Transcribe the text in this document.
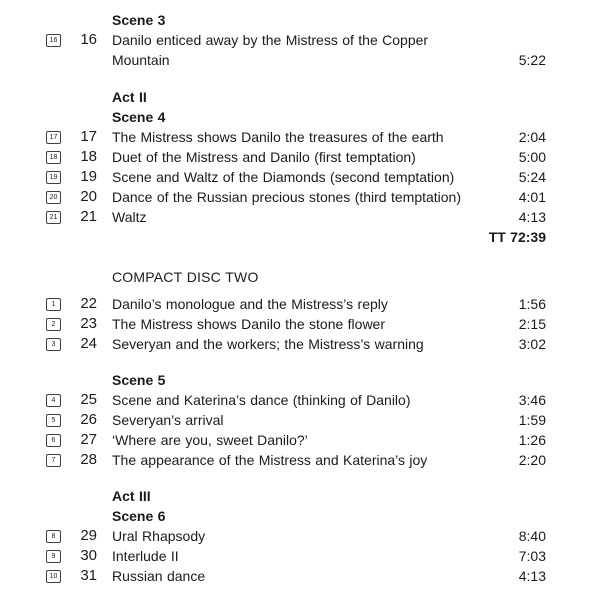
Scene 3
16	16 Danilo enticed away by the Mistress of the Copper
Mountain	5:22
Act II
Scene 4
17	17 The Mistress shows Danilo the treasures of the earth	2:04
18	18 Duet of the Mistress and Danilo (first temptation)	5:00
19	19 Scene and Waltz of the Diamonds (second temptation)	5:24
20	20 Dance of the Russian precious stones (third temptation)	4:01
21	21 Waltz	4:13
TT 72:39
COMPACT DISC TWO
1	22 Danilo’s monologue and the Mistress’s reply	1:56
2	23 The Mistress shows Danilo the stone flower	2:15
3	24 Severyan and the workers; the Mistress’s warning	3:02
Scene 5
4	25 Scene and Katerina’s dance (thinking of Danilo)	3:46
5	26 Severyan’s arrival	1:59
6	27 ‘Where are you, sweet Danilo?’	1:26
7	28 The appearance of the Mistress and Katerina’s joy	2:20
Act III
Scene 6
8	29 Ural Rhapsody	8:40
9	30 Interlude II	7:03
10	31 Russian dance	4:13
